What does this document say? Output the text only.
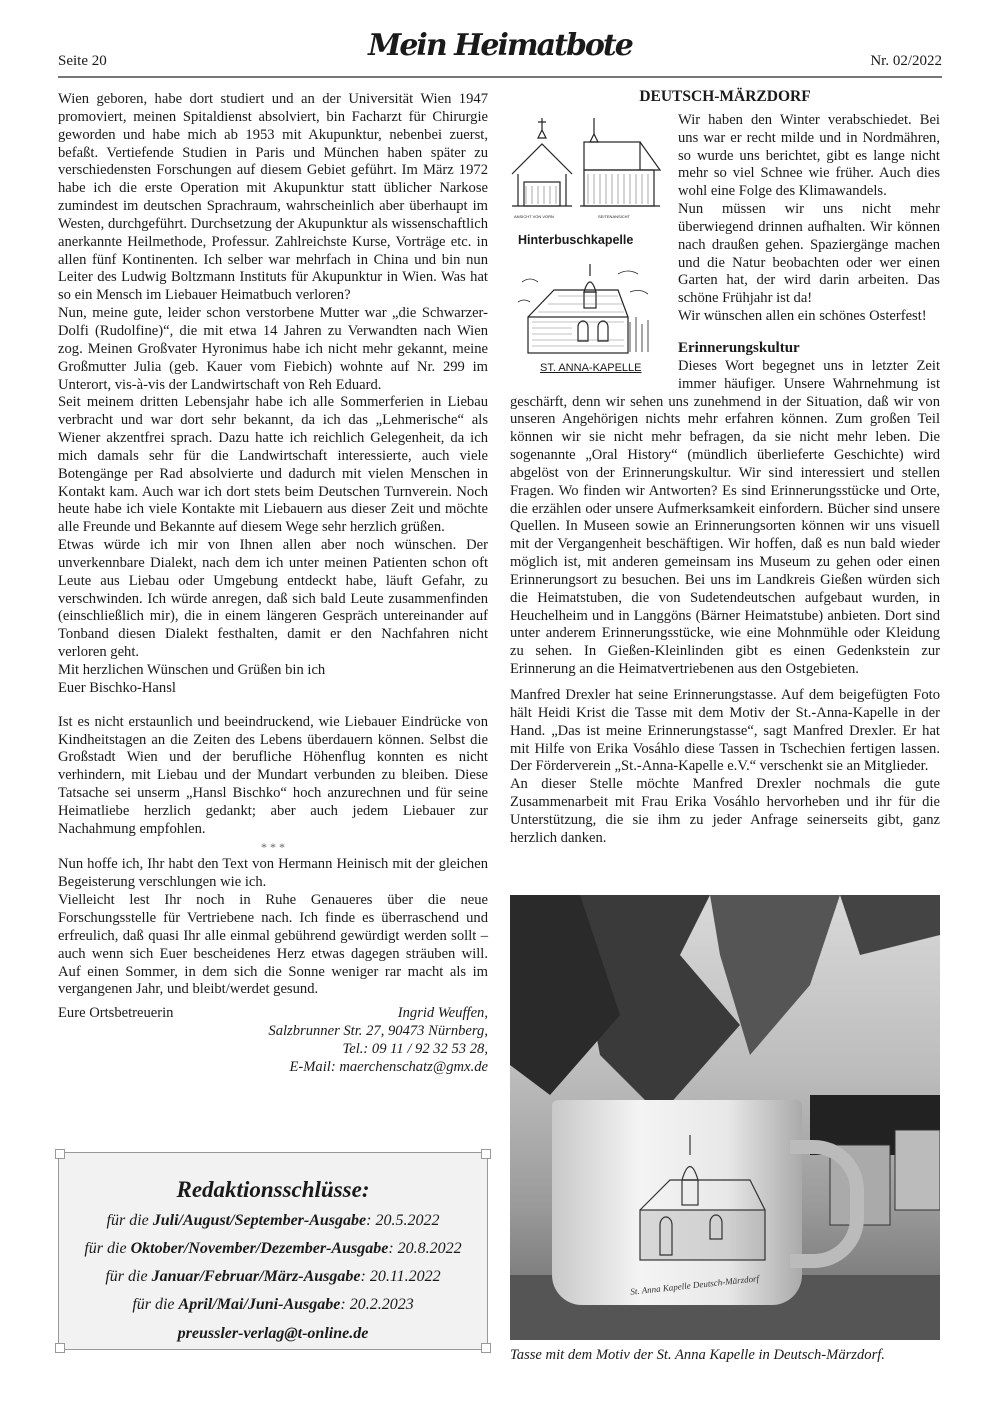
Seite 20	Mein Heimatbote	Nr. 02/2022

Wien geboren, habe dort studiert und an der Universität Wien 1947 promoviert, meinen Spitaldienst absolviert, bin Facharzt für Chirurgie geworden und habe mich ab 1953 mit Akupunktur, nebenbei zuerst, befaßt. Vertiefende Studien in Paris und München haben später zu verschiedensten Forschungen auf diesem Gebiet geführt. Im März 1972 habe ich die erste Operation mit Akupunktur statt üblicher Narkose zumindest im deutschen Sprachraum, wahrscheinlich aber überhaupt im Westen, durchgeführt. Durchsetzung der Akupunktur als wissenschaftlich anerkannte Heilmethode, Professur. Zahlreichste Kurse, Vorträge etc. in allen fünf Kontinenten. Ich selber war mehrfach in China und bin nun Leiter des Ludwig Boltzmann Instituts für Akupunktur in Wien. Was hat so ein Mensch im Liebauer Heimatbuch verloren?

Nun, meine gute, leider schon verstorbene Mutter war „die Schwarzer-Dolfi (Rudolfine)“, die mit etwa 14 Jahren zu Verwandten nach Wien zog. Meinen Großvater Hyronimus habe ich nicht mehr gekannt, meine Großmutter Julia (geb. Kauer vom Fiebich) wohnte auf Nr. 299 im Unterort, vis-à-vis der Landwirtschaft von Reh Eduard.

Seit meinem dritten Lebensjahr habe ich alle Sommerferien in Liebau verbracht und war dort sehr bekannt, da ich das „Lehmerische“ als Wiener akzentfrei sprach. Dazu hatte ich reichlich Gelegenheit, da ich mich damals sehr für die Landwirtschaft interessierte, auch viele Botengänge per Rad absolvierte und dadurch mit vielen Menschen in Kontakt kam. Auch war ich dort stets beim Deutschen Turnverein. Noch heute habe ich viele Kontakte mit Liebauern aus dieser Zeit und möchte alle Freunde und Bekannte auf diesem Wege sehr herzlich grüßen.

Etwas würde ich mir von Ihnen allen aber noch wünschen. Der unverkennbare Dialekt, nach dem ich unter meinen Patienten schon oft Leute aus Liebau oder Umgebung entdeckt habe, läuft Gefahr, zu verschwinden. Ich würde anregen, daß sich bald Leute zusammenfinden (einschließlich mir), die in einem längeren Gespräch untereinander auf Tonband diesen Dialekt festhalten, damit er den Nachfahren nicht verloren geht.

Mit herzlichen Wünschen und Grüßen bin ich

Euer Bischko-Hansl

Ist es nicht erstaunlich und beeindruckend, wie Liebauer Eindrücke von Kindheitstagen an die Zeiten des Lebens überdauern können. Selbst die Großstadt Wien und der berufliche Höhenflug konnten es nicht verhindern, mit Liebau und der Mundart verbunden zu bleiben. Diese Tatsache sei unserm „Hansl Bischko“ hoch anzurechnen und für seine Heimatliebe herzlich gedankt; aber auch jedem Liebauer zur Nachahmung empfohlen.

* * *

Nun hoffe ich, Ihr habt den Text von Hermann Heinisch mit der gleichen Begeisterung verschlungen wie ich.

Vielleicht lest Ihr noch in Ruhe Genaueres über die neue Forschungsstelle für Vertriebene nach. Ich finde es überraschend und erfreulich, daß quasi Ihr alle einmal gebührend gewürdigt werden sollt – auch wenn sich Euer bescheidenes Herz etwas dagegen sträuben will. Auf einen Sommer, in dem sich die Sonne weniger rar macht als im vergangenen Jahr, und bleibt/werdet gesund.

Eure Ortsbetreuerin	Ingrid Weuffen,
Salzbrunner Str. 27, 90473 Nürnberg,
Tel.: 09 11 / 92 32 53 28,
E-Mail: maerchenschatz@gmx.de
Redaktionsschlüsse:
für die Juli/August/September-Ausgabe: 20.5.2022
für die Oktober/November/Dezember-Ausgabe: 20.8.2022
für die Januar/Februar/März-Ausgabe: 20.11.2022
für die April/Mai/Juni-Ausgabe: 20.2.2023
preussler-verlag@t-online.de
DEUTSCH-MÄRZDORF
ANSICHT VON VORN	SEITENANSICHT
Hinterbuschkapelle
ST. ANNA-KAPELLE

Wir haben den Winter verabschiedet. Bei uns war er recht milde und in Nordmähren, so wurde uns berichtet, gibt es lange nicht mehr so viel Schnee wie früher. Auch dies wohl eine Folge des Klimawandels.

Nun müssen wir uns nicht mehr überwiegend drinnen aufhalten. Wir können nach draußen gehen. Spaziergänge machen und die Natur beobachten oder wer einen Garten hat, der wird darin arbeiten. Das schöne Frühjahr ist da!

Wir wünschen allen ein schönes Osterfest!

Erinnerungskultur

Dieses Wort begegnet uns in letzter Zeit immer häufiger. Unsere Wahrnehmung ist geschärft, denn wir sehen uns zunehmend in der Situation, daß wir von unseren Angehörigen nichts mehr erfahren können. Zum großen Teil können wir sie nicht mehr befragen, da sie nicht mehr leben. Die sogenannte „Oral History“ (mündlich überlieferte Geschichte) wird abgelöst von der Erinnerungskultur. Wir sind interessiert und stellen Fragen. Wo finden wir Antworten? Es sind Erinnerungsstücke und Orte, die erzählen oder unsere Aufmerksamkeit einfordern. Bücher sind unsere Quellen. In Museen sowie an Erinnerungsorten können wir uns visuell mit der Vergangenheit beschäftigen. Wir hoffen, daß es nun bald wieder möglich ist, mit anderen gemeinsam ins Museum zu gehen oder einen Erinnerungsort zu besuchen. Bei uns im Landkreis Gießen würden sich die Heimatstuben, die von Sudetendeutschen aufgebaut wurden, in Heuchelheim und in Langgöns (Bärner Heimatstube) anbieten. Dort sind unter anderem Erinnerungsstücke, wie eine Mohnmühle oder Kleidung zu sehen. In Gießen-Kleinlinden gibt es einen Gedenkstein zur Erinnerung an die Heimatvertriebenen aus den Ostgebieten.

Manfred Drexler hat seine Erinnerungstasse. Auf dem beigefügten Foto hält Heidi Krist die Tasse mit dem Motiv der St.-Anna-Kapelle in der Hand. „Das ist meine Erinnerungstasse“, sagt Manfred Drexler. Er hat mit Hilfe von Erika Vosáhlo diese Tassen in Tschechien fertigen lassen. Der Förderverein „St.-Anna-Kapelle e.V.“ verschenkt sie an Mitglieder.

An dieser Stelle möchte Manfred Drexler nochmals die gute Zusammenarbeit mit Frau Erika Vosáhlo hervorheben und ihr für die Unterstützung, die sie ihm zu jeder Anfrage seinerseits gibt, ganz herzlich danken.

St. Anna Kapelle Deutsch-Märzdorf
Tasse mit dem Motiv der St. Anna Kapelle in Deutsch-Märzdorf.
